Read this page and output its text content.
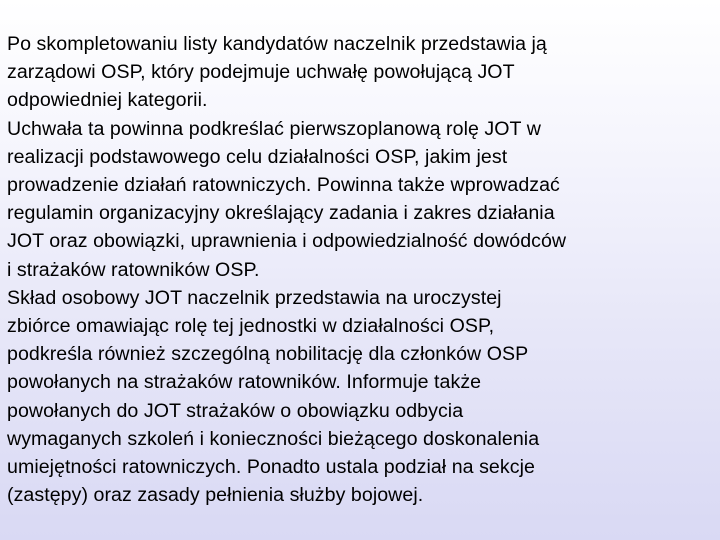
Po skompletowaniu listy kandydatów naczelnik przedstawia ją
zarządowi OSP, który podejmuje uchwałę powołującą JOT
odpowiedniej kategorii.

Uchwała ta powinna podkreślać pierwszoplanową rolę JOT w
realizacji podstawowego celu działalności OSP, jakim jest
prowadzenie działań ratowniczych. Powinna także wprowadzać
regulamin organizacyjny określający zadania i zakres działania
JOT oraz obowiązki, uprawnienia i odpowiedzialność dowódców
i strażaków ratowników OSP.

Skład osobowy JOT naczelnik przedstawia na uroczystej
zbiórce omawiając rolę tej jednostki w działalności OSP,
podkreśla również szczególną nobilitację dla członków OSP
powołanych na strażaków ratowników. Informuje także
powołanych do JOT strażaków o obowiązku odbycia
wymaganych szkoleń i konieczności bieżącego doskonalenia
umiejętności ratowniczych. Ponadto ustala podział na sekcje
(zastępy) oraz zasady pełnienia służby bojowej.
